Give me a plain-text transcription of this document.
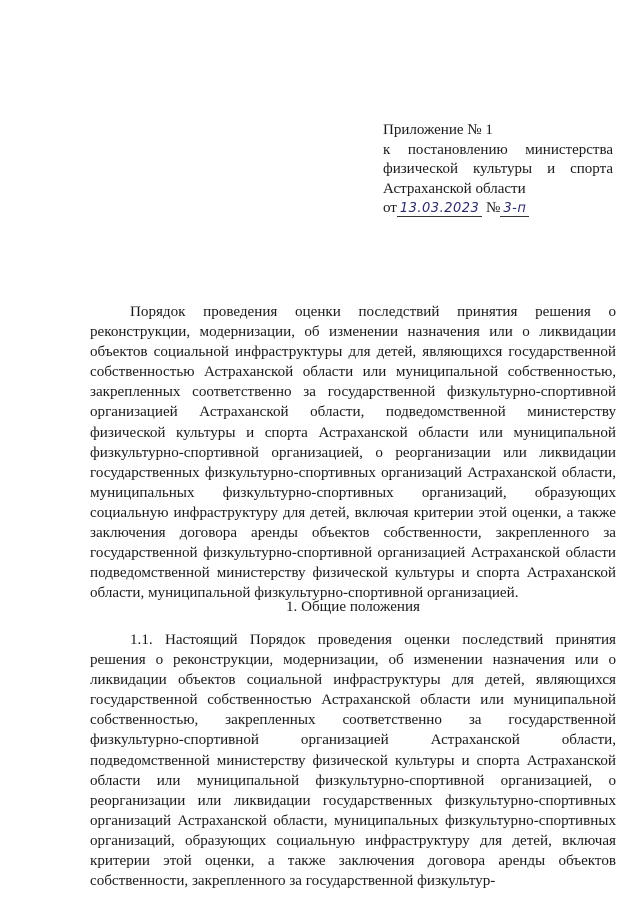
Приложение № 1
к постановлению министерства
физической культуры и спорта
Астраханской области
от 13.03.2023 № 3-п
Порядок проведения оценки последствий принятия решения о реконструкции, модернизации, об изменении назначения или о ликвидации объектов социальной инфраструктуры для детей, являющихся государственной собственностью Астраханской области или муниципальной собственностью, закрепленных соответственно за государственной физкультурно-спортивной организацией Астраханской области, подведомственной министерству физической культуры и спорта Астраханской области или муниципальной физкультурно-спортивной организацией, о реорганизации или ликвидации государственных физкультурно-спортивных организаций Астраханской области, муниципальных физкультурно-спортивных организаций, образующих социальную инфраструктуру для детей, включая критерии этой оценки, а также заключения договора аренды объектов собственности, закрепленного за государственной физкультурно-спортивной организацией Астраханской области подведомственной министерству физической культуры и спорта Астраханской области, муниципальной физкультурно-спортивной организацией.
1. Общие положения
1.1. Настоящий Порядок проведения оценки последствий принятия решения о реконструкции, модернизации, об изменении назначения или о ликвидации объектов социальной инфраструктуры для детей, являющихся государственной собственностью Астраханской области или муниципальной собственностью, закрепленных соответственно за государственной физкультурно-спортивной организацией Астраханской области, подведомственной министерству физической культуры и спорта Астраханской области или муниципальной физкультурно-спортивной организацией, о реорганизации или ликвидации государственных физкультурно-спортивных организаций Астраханской области, муниципальных физкультурно-спортивных организаций, образующих социальную инфраструктуру для детей, включая критерии этой оценки, а также заключения договора аренды объектов собственности, закрепленного за государственной физкультур-
